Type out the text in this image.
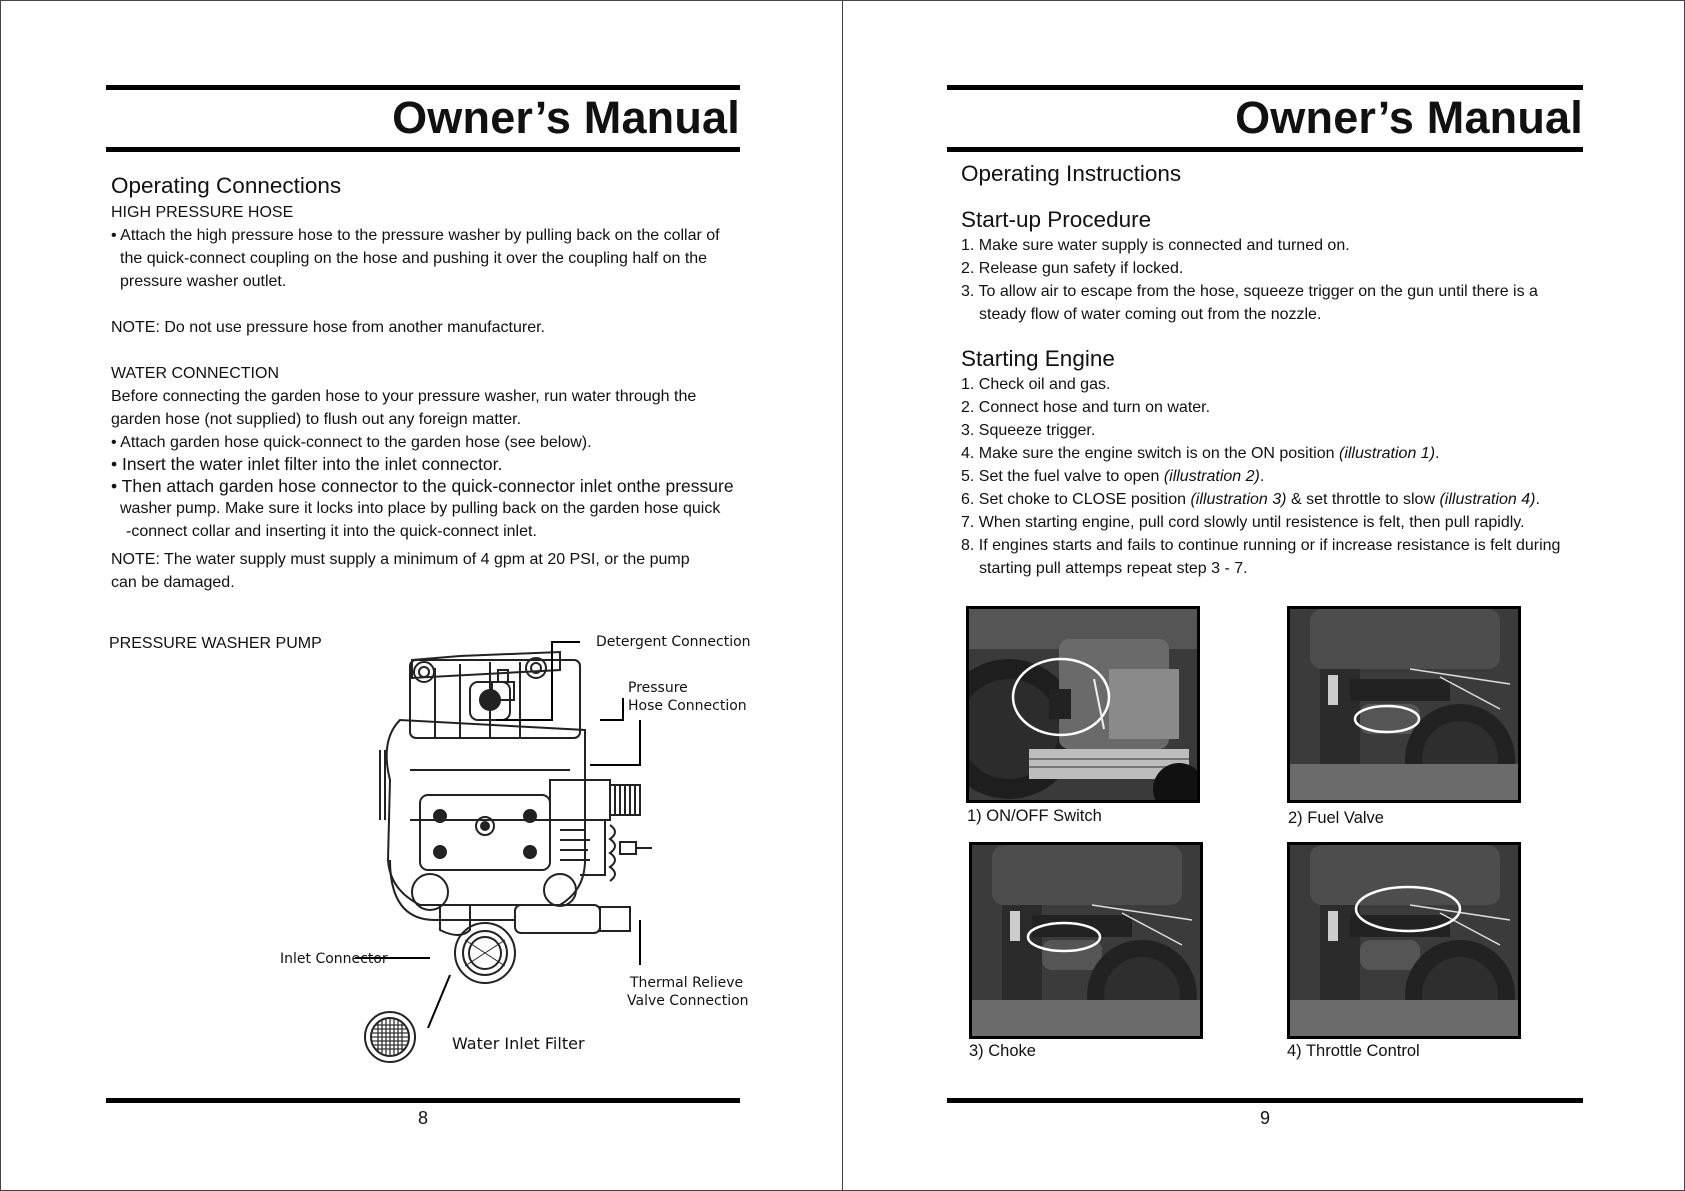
Owner’s Manual
Operating Connections
HIGH PRESSURE HOSE
• Attach the high pressure hose to the pressure washer by pulling back on the collar of
the quick-connect coupling on the hose and pushing it over the coupling half on the
pressure washer outlet.
NOTE: Do not use pressure hose from another manufacturer.
WATER CONNECTION
Before connecting the garden hose to your pressure washer, run water through the
garden hose (not supplied) to flush out any foreign matter.
• Attach garden hose quick-connect to the garden hose (see below).
• Insert the water inlet filter into the inlet connector.
• Then attach garden hose connector to the quick-connector inlet onthe pressure
washer pump. Make sure it locks into place by pulling back on the garden hose quick
-connect collar and inserting it into the quick-connect inlet.
NOTE: The water supply must supply a minimum of 4 gpm at 20 PSI, or the pump
can be damaged.
PRESSURE WASHER PUMP	Detergent Connection
Pressure
Hose Connection
Inlet Connector
Thermal Relieve
Valve Connection
Water Inlet Filter
8
Owner’s Manual
Operating Instructions
Start-up Procedure
1. Make sure water supply is connected and turned on.
2. Release gun safety if locked.
3. To allow air to escape from the hose, squeeze trigger on the gun until there is a
steady flow of water coming out from the nozzle.
Starting Engine
1. Check oil and gas.
2. Connect hose and turn on water.
3. Squeeze trigger.
4. Make sure the engine switch is on the ON position (illustration 1).
5. Set the fuel valve to open (illustration 2).
6. Set choke to CLOSE position (illustration 3) & set throttle to slow (illustration 4).
7. When starting engine, pull cord slowly until resistence is felt, then pull rapidly.
8. If engines starts and fails to continue running or if increase resistance is felt during
starting pull attemps repeat step 3 - 7.
1) ON/OFF Switch	2) Fuel Valve
3) Choke	4) Throttle Control
9
